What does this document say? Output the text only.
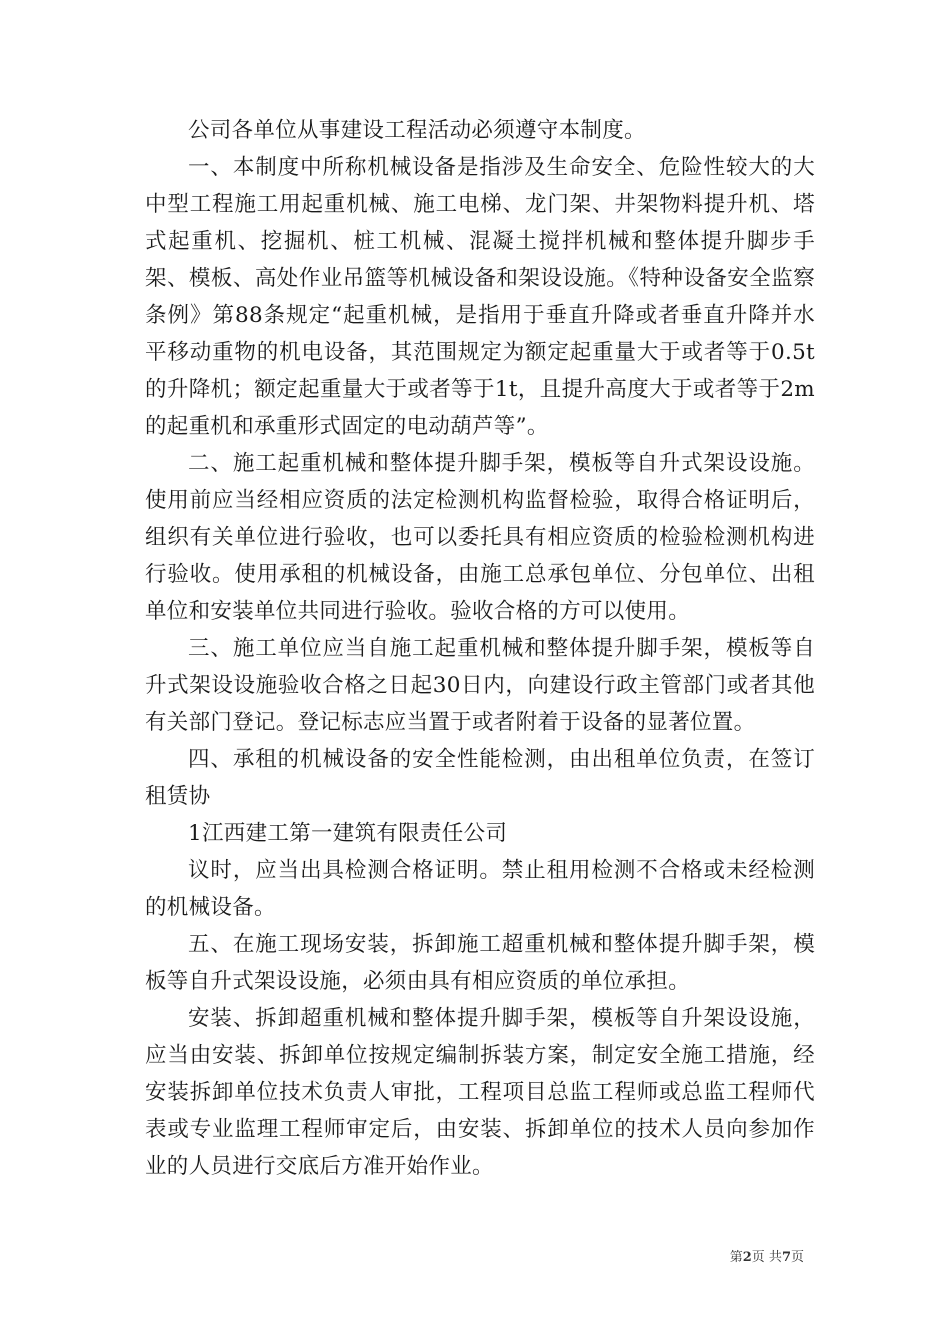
公司各单位从事建设工程活动必须遵守本制度。

一、本制度中所称机械设备是指涉及生命安全、危险性较大的大中型工程施工用起重机械、施工电梯、龙门架、井架物料提升机、塔式起重机、挖掘机、桩工机械、混凝土搅拌机械和整体提升脚步手架、模板、高处作业吊篮等机械设备和架设设施。《特种设备安全监察条例》第88条规定“起重机械，是指用于垂直升降或者垂直升降并水平移动重物的机电设备，其范围规定为额定起重量大于或者等于0.5t的升降机；额定起重量大于或者等于1t，且提升高度大于或者等于2m的起重机和承重形式固定的电动葫芦等”。

二、施工起重机械和整体提升脚手架，模板等自升式架设设施。使用前应当经相应资质的法定检测机构监督检验，取得合格证明后，组织有关单位进行验收，也可以委托具有相应资质的检验检测机构进行验收。使用承租的机械设备，由施工总承包单位、分包单位、出租单位和安装单位共同进行验收。验收合格的方可以使用。

三、施工单位应当自施工起重机械和整体提升脚手架，模板等自升式架设设施验收合格之日起30日内，向建设行政主管部门或者其他有关部门登记。登记标志应当置于或者附着于设备的显著位置。

四、承租的机械设备的安全性能检测，由出租单位负责，在签订租赁协

1江西建工第一建筑有限责任公司

议时，应当出具检测合格证明。禁止租用检测不合格或未经检测的机械设备。

五、在施工现场安装，拆卸施工超重机械和整体提升脚手架，模板等自升式架设设施，必须由具有相应资质的单位承担。

安装、拆卸超重机械和整体提升脚手架，模板等自升架设设施，应当由安装、拆卸单位按规定编制拆装方案，制定安全施工措施，经安装拆卸单位技术负责人审批，工程项目总监工程师或总监工程师代表或专业监理工程师审定后，由安装、拆卸单位的技术人员向参加作业的人员进行交底后方准开始作业。

第2页 共7页
